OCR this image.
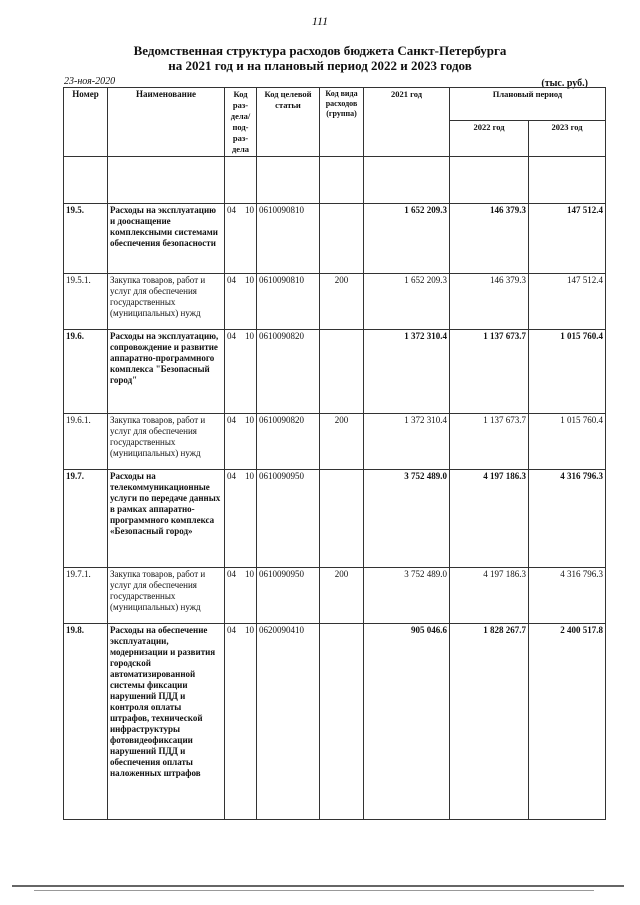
111
Ведомственная структура расходов бюджета Санкт-Петербурга
на 2021 год и на плановый период 2022 и 2023 годов
23-ноя-2020	(тыс. руб.)
Номер	Наименование	Код раз-дела/ под-раз-дела	Код целевой статьи	Код вида расходов (группа)	2021 год	Плановый период	
						2022 год	2023 год

19.5.	Расходы на эксплуатацию и дооснащение комплексными системами обеспечения безопасности	04 10	0610090810		1 652 209.3	146 379.3	147 512.4
19.5.1.	Закупка товаров, работ и услуг для обеспечения государственных (муниципальных) нужд	04 10	0610090810	200	1 652 209.3	146 379.3	147 512.4
19.6.	Расходы на эксплуатацию, сопровождение и развитие аппаратно-программного комплекса "Безопасный город"	04 10	0610090820		1 372 310.4	1 137 673.7	1 015 760.4
19.6.1.	Закупка товаров, работ и услуг для обеспечения государственных (муниципальных) нужд	04 10	0610090820	200	1 372 310.4	1 137 673.7	1 015 760.4
19.7.	Расходы на телекоммуникационные услуги по передаче данных в рамках аппаратно-программного комплекса «Безопасный город»	04 10	0610090950		3 752 489.0	4 197 186.3	4 316 796.3
19.7.1.	Закупка товаров, работ и услуг для обеспечения государственных (муниципальных) нужд	04 10	0610090950	200	3 752 489.0	4 197 186.3	4 316 796.3
19.8.	Расходы на обеспечение эксплуатации, модернизации и развития городской автоматизированной системы фиксации нарушений ПДД и контроля оплаты штрафов, технической инфраструктуры фотовидеофиксации нарушений ПДД и обеспечения оплаты наложенных штрафов	04 10	0620090410		905 046.6	1 828 267.7	2 400 517.8
